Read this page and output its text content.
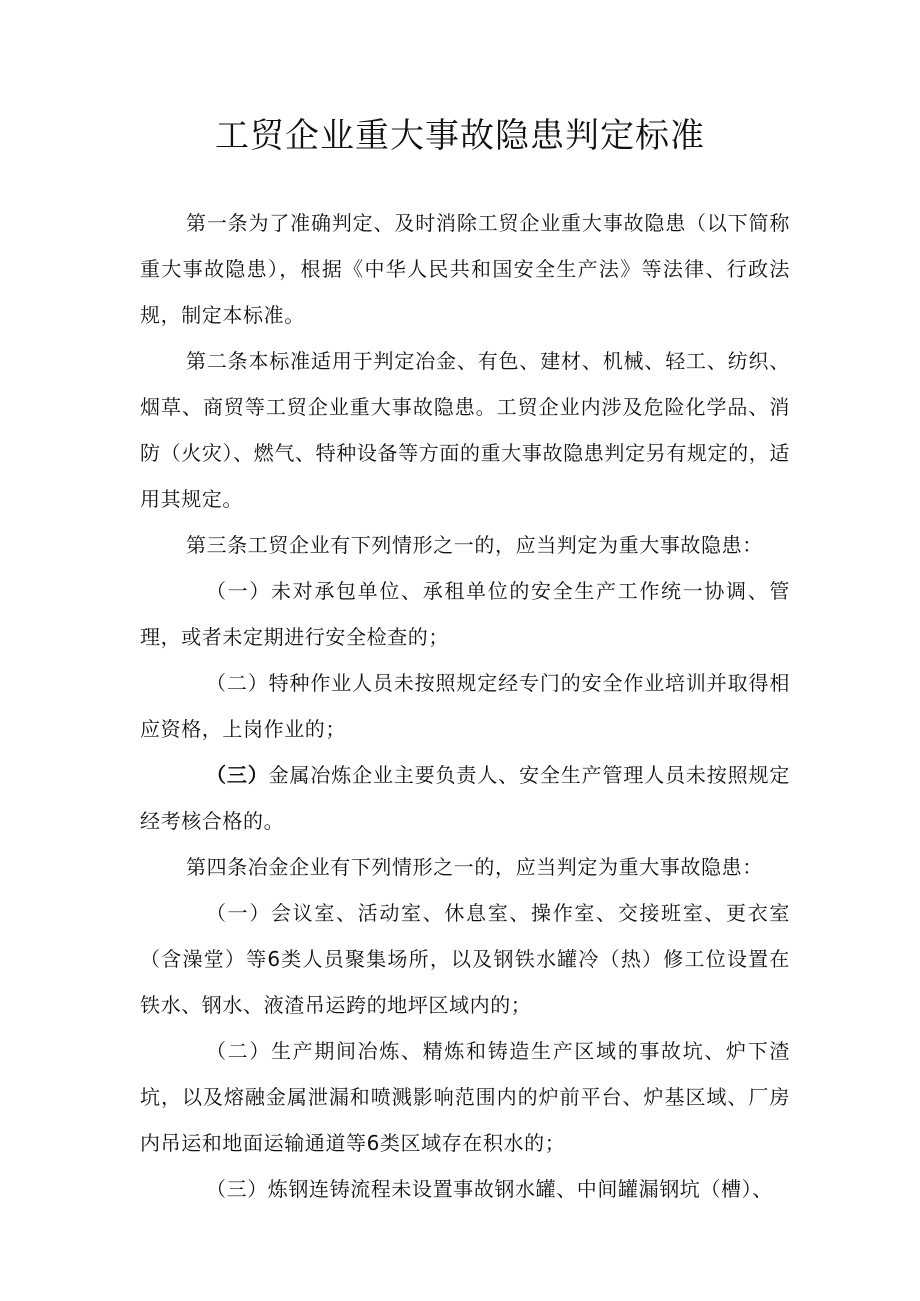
工贸企业重大事故隐患判定标准

第一条为了准确判定、及时消除工贸企业重大事故隐患（以下简称重大事故隐患），根据《中华人民共和国安全生产法》等法律、行政法规，制定本标准。

第二条本标准适用于判定冶金、有色、建材、机械、轻工、纺织、烟草、商贸等工贸企业重大事故隐患。工贸企业内涉及危险化学品、消防（火灾）、燃气、特种设备等方面的重大事故隐患判定另有规定的，适用其规定。

第三条工贸企业有下列情形之一的，应当判定为重大事故隐患：

（一）未对承包单位、承租单位的安全生产工作统一协调、管理，或者未定期进行安全检查的；

（二）特种作业人员未按照规定经专门的安全作业培训并取得相应资格，上岗作业的；

（三）金属冶炼企业主要负责人、安全生产管理人员未按照规定经考核合格的。

第四条冶金企业有下列情形之一的，应当判定为重大事故隐患：

（一）会议室、活动室、休息室、操作室、交接班室、更衣室（含澡堂）等6类人员聚集场所，以及钢铁水罐冷（热）修工位设置在铁水、钢水、液渣吊运跨的地坪区域内的；

（二）生产期间冶炼、精炼和铸造生产区域的事故坑、炉下渣坑，以及熔融金属泄漏和喷溅影响范围内的炉前平台、炉基区域、厂房内吊运和地面运输通道等6类区域存在积水的；

（三）炼钢连铸流程未设置事故钢水罐、中间罐漏钢坑（槽）、
